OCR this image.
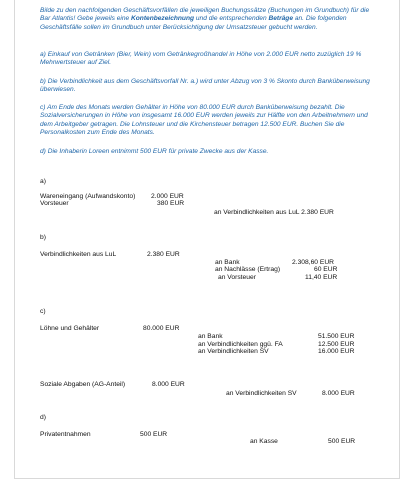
Bilde zu den nachfolgenden Geschäftsvorfällen die jeweiligen Buchungssätze (Buchungen im Grundbuch) für die Bar Atlantis! Gebe jeweils eine Kontenbezeichnung und die entsprechenden Beträge an. Die folgenden Geschäftsfälle sollen im Grundbuch unter Berücksichtigung der Umsatzsteuer gebucht werden.
a) Einkauf von Getränken (Bier, Wein) vom Getränkegroßhandel in Höhe von 2.000 EUR netto zuzüglich 19 % Mehrwertsteuer auf Ziel.
b) Die Verbindlichkeit aus dem Geschäftsvorfall Nr. a.) wird unter Abzug von 3 % Skonto durch Banküberweisung überwiesen.
c) Am Ende des Monats werden Gehälter in Höhe von 80.000 EUR durch Banküberweisung bezahlt. Die Sozialversicherungen in Höhe von insgesamt 16.000 EUR werden jeweils zur Hälfte von den Arbeitnehmern und dem Arbeitgeber getragen. Die Lohnsteuer und die Kirchensteuer betragen 12.500 EUR. Buchen Sie die Personalkosten zum Ende des Monats.
d) Die Inhaberin Loreen entnimmt 500 EUR für private Zwecke aus der Kasse.
a)
Wareneingang (Aufwandskonto) 2.000 EUR
Vorsteuer	380 EUR
an Verbindlichkeiten aus LuL 2.380 EUR
b)
Verbindlichkeiten aus LuL	2.380 EUR
an Bank	2.308,60 EUR
an Nachlässe (Ertrag)	60 EUR
an Vorsteuer	11,40 EUR
c)
Löhne und Gehälter	80.000 EUR
an Bank	51.500 EUR
an Verbindlichkeiten ggü. FA	12.500 EUR
an Verbindlichkeiten SV	16.000 EUR
Soziale Abgaben (AG-Anteil)	8.000 EUR
an Verbindlichkeiten SV	8.000 EUR
d)
Privatentnahmen	500 EUR
an Kasse	500 EUR
